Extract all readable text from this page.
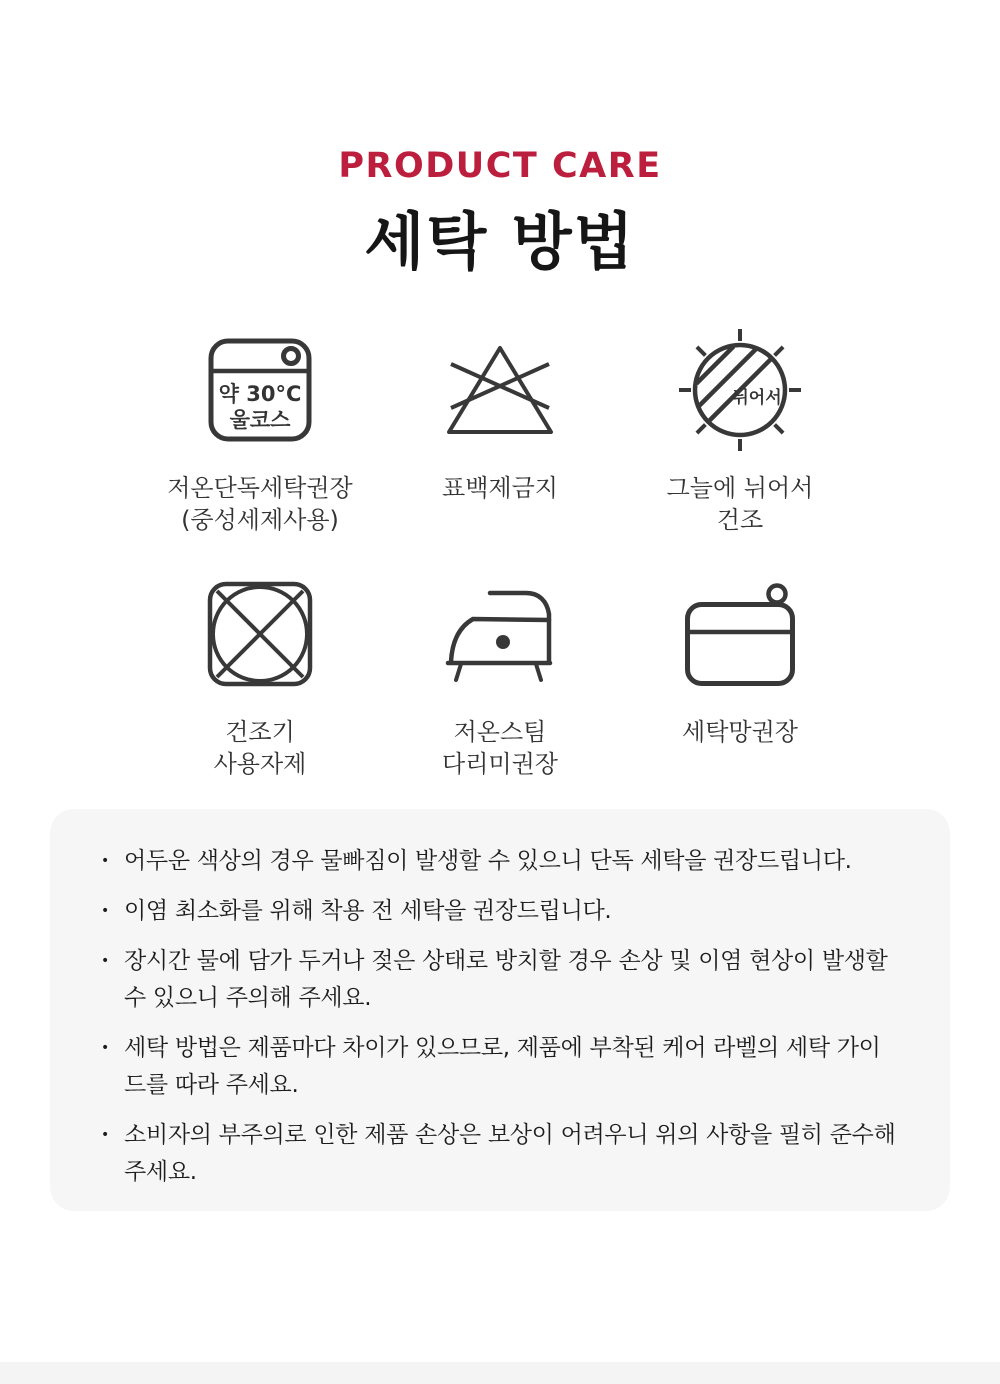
PRODUCT CARE
세탁 방법
약 30°C
울코스
저온단독세탁권장
(중성세제사용)
표백제금지
뉘어서
그늘에 뉘어서
건조
건조기
사용자제
저온스팀
다리미권장
세탁망권장
• 어두운 색상의 경우 물빠짐이 발생할 수 있으니 단독 세탁을 권장드립니다.
• 이염 최소화를 위해 착용 전 세탁을 권장드립니다.
• 장시간 물에 담가 두거나 젖은 상태로 방치할 경우 손상 및 이염 현상이 발생할 수 있으니 주의해 주세요.
• 세탁 방법은 제품마다 차이가 있으므로, 제품에 부착된 케어 라벨의 세탁 가이드를 따라 주세요.
• 소비자의 부주의로 인한 제품 손상은 보상이 어려우니 위의 사항을 필히 준수해 주세요.
